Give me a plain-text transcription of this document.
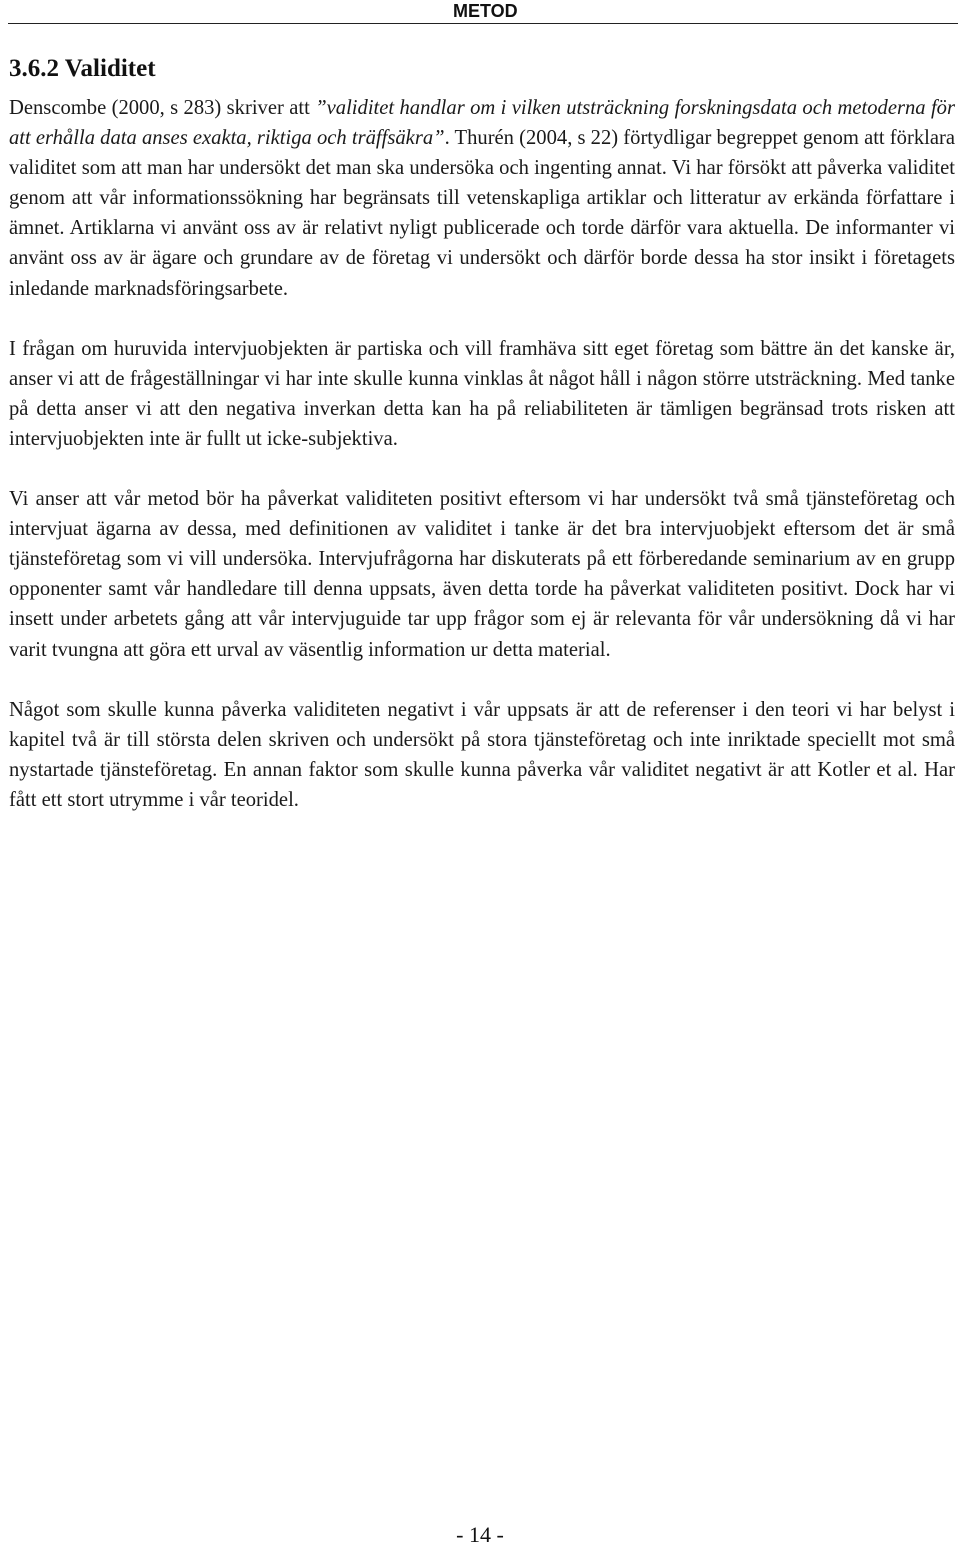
METOD
3.6.2 Validitet

Denscombe (2000, s 283) skriver att ”validitet handlar om i vilken utsträckning forskningsdata och metoderna för att erhålla data anses exakta, riktiga och träffsäkra”. Thurén (2004, s 22) förtydligar begreppet genom att förklara validitet som att man har undersökt det man ska undersöka och ingenting annat. Vi har försökt att påverka validitet genom att vår informationssökning har begränsats till vetenskapliga artiklar och litteratur av erkända författare i ämnet. Artiklarna vi använt oss av är relativt nyligt publicerade och torde därför vara aktuella. De informanter vi använt oss av är ägare och grundare av de företag vi undersökt och därför borde dessa ha stor insikt i företagets inledande marknadsföringsarbete.

I frågan om huruvida intervjuobjekten är partiska och vill framhäva sitt eget företag som bättre än det kanske är, anser vi att de frågeställningar vi har inte skulle kunna vinklas åt något håll i någon större utsträckning. Med tanke på detta anser vi att den negativa inverkan detta kan ha på reliabiliteten är tämligen begränsad trots risken att intervjuobjekten inte är fullt ut icke-subjektiva.

Vi anser att vår metod bör ha påverkat validiteten positivt eftersom vi har undersökt två små tjänsteföretag och intervjuat ägarna av dessa, med definitionen av validitet i tanke är det bra intervjuobjekt eftersom det är små tjänsteföretag som vi vill undersöka. Intervjufrågorna har diskuterats på ett förberedande seminarium av en grupp opponenter samt vår handledare till denna uppsats, även detta torde ha påverkat validiteten positivt. Dock har vi insett under arbetets gång att vår intervjuguide tar upp frågor som ej är relevanta för vår undersökning då vi har varit tvungna att göra ett urval av väsentlig information ur detta material.

Något som skulle kunna påverka validiteten negativt i vår uppsats är att de referenser i den teori vi har belyst i kapitel två är till största delen skriven och undersökt på stora tjänsteföretag och inte inriktade speciellt mot små nystartade tjänsteföretag. En annan faktor som skulle kunna påverka vår validitet negativt är att Kotler et al. Har fått ett stort utrymme i vår teoridel.

- 14 -
